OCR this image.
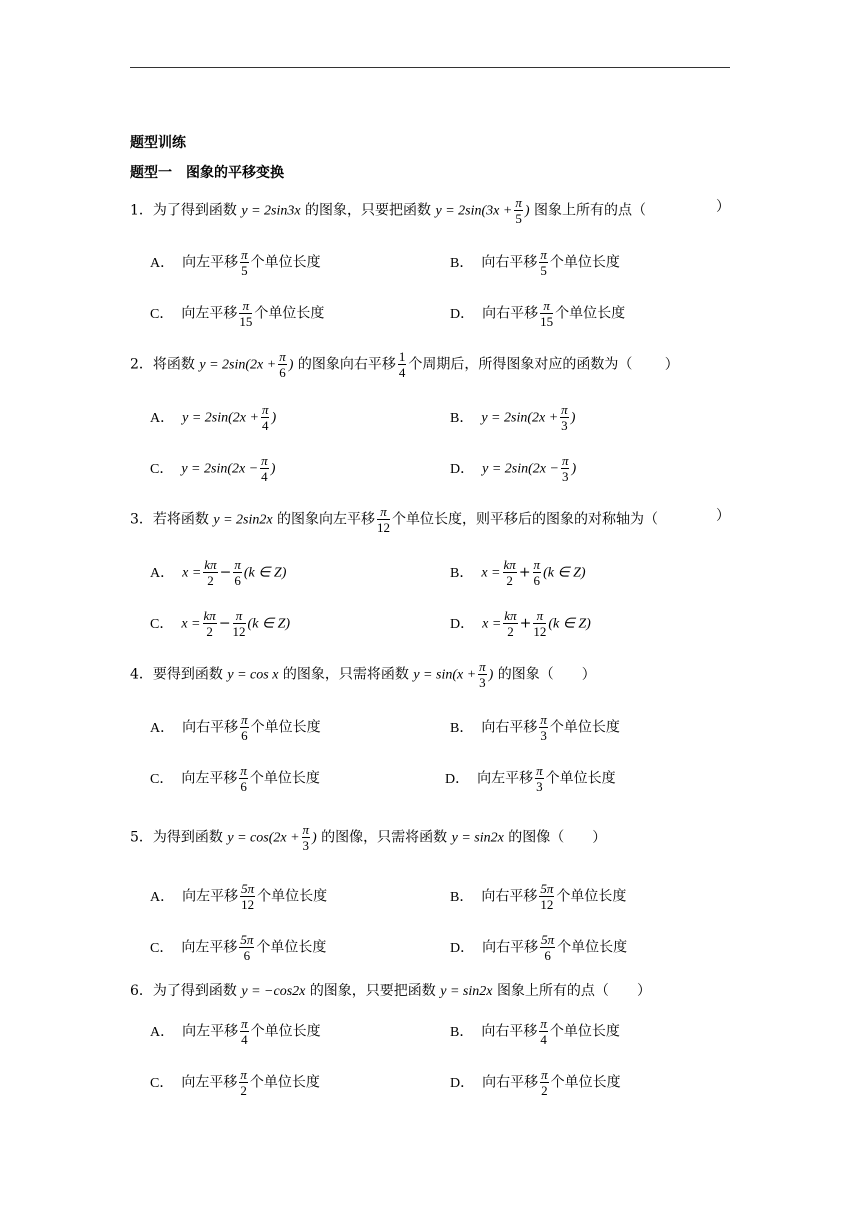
题型训练
题型一　图象的平移变换
1．为了得到函数 y = 2sin3x 的图象，只要把函数 $y = 2\sin(3x + \frac{\pi}{5}$ ) 图象上所有的点（	）
A． 向左平移 $\frac{\pi}{5}$ 个单位长度	B． 向右平移 $\frac{\pi}{5}$ 个单位长度
C． 向左平移 $\frac{\pi}{15}$ 个单位长度	D． 向右平移 $\frac{\pi}{15}$ 个单位长度
2．将函数 $y = 2\sin(2x + \frac{\pi}{6}$ ) 的图象向右平移 $\frac{1}{4}$ 个周期后，所得图象对应的函数为（ ）
A． $y = 2\sin(2x + \frac{\pi}{4}$ )	B． $y = 2\sin(2x + \frac{\pi}{3}$ )
C． $y = 2\sin(2x - \frac{\pi}{4}$ )	D． $y = 2\sin(2x - \frac{\pi}{3}$ )
3．若将函数 y = 2sin2x 的图象向左平移 $\frac{\pi}{12}$ 个单位长度，则平移后的图象的对称轴为（	）
A． $x = \frac{k\pi}{2} - \frac{\pi}{6} (k$ ∈ Z)	B． $x = \frac{k\pi}{2} + \frac{\pi}{6} (k$ ∈ Z)
C． $x = \frac{k\pi}{2} - \frac{\pi}{12} (k$ ∈ Z)	D． $x = \frac{k\pi}{2} + \frac{\pi}{12} (k$ ∈ Z)
4．要得到函数 y = cos x 的图象，只需将函数 $y = \sin(x + \frac{\pi}{3}$ ) 的图象（ ）
A． 向右平移 $\frac{\pi}{6}$ 个单位长度	B． 向右平移 $\frac{\pi}{3}$ 个单位长度
C． 向左平移 $\frac{\pi}{6}$ 个单位长度	D． 向左平移 $\frac{\pi}{3}$ 个单位长度
5．为得到函数 $y = \cos(2x + \frac{\pi}{3}$ ) 的图像，只需将函数 y = sin2x 的图像（ ）
A． 向左平移 $\frac{5\pi}{12}$ 个单位长度	B． 向右平移 $\frac{5\pi}{12}$ 个单位长度
C． 向左平移 $\frac{5\pi}{6}$ 个单位长度	D． 向右平移 $\frac{5\pi}{6}$ 个单位长度
6．为了得到函数 y = −cos2x 的图象，只要把函数 y = sin2x 图象上所有的点（ ）
A． 向左平移 $\frac{\pi}{4}$ 个单位长度	B． 向右平移 $\frac{\pi}{4}$ 个单位长度
C． 向左平移 $\frac{\pi}{2}$ 个单位长度	D． 向右平移 $\frac{\pi}{2}$ 个单位长度
